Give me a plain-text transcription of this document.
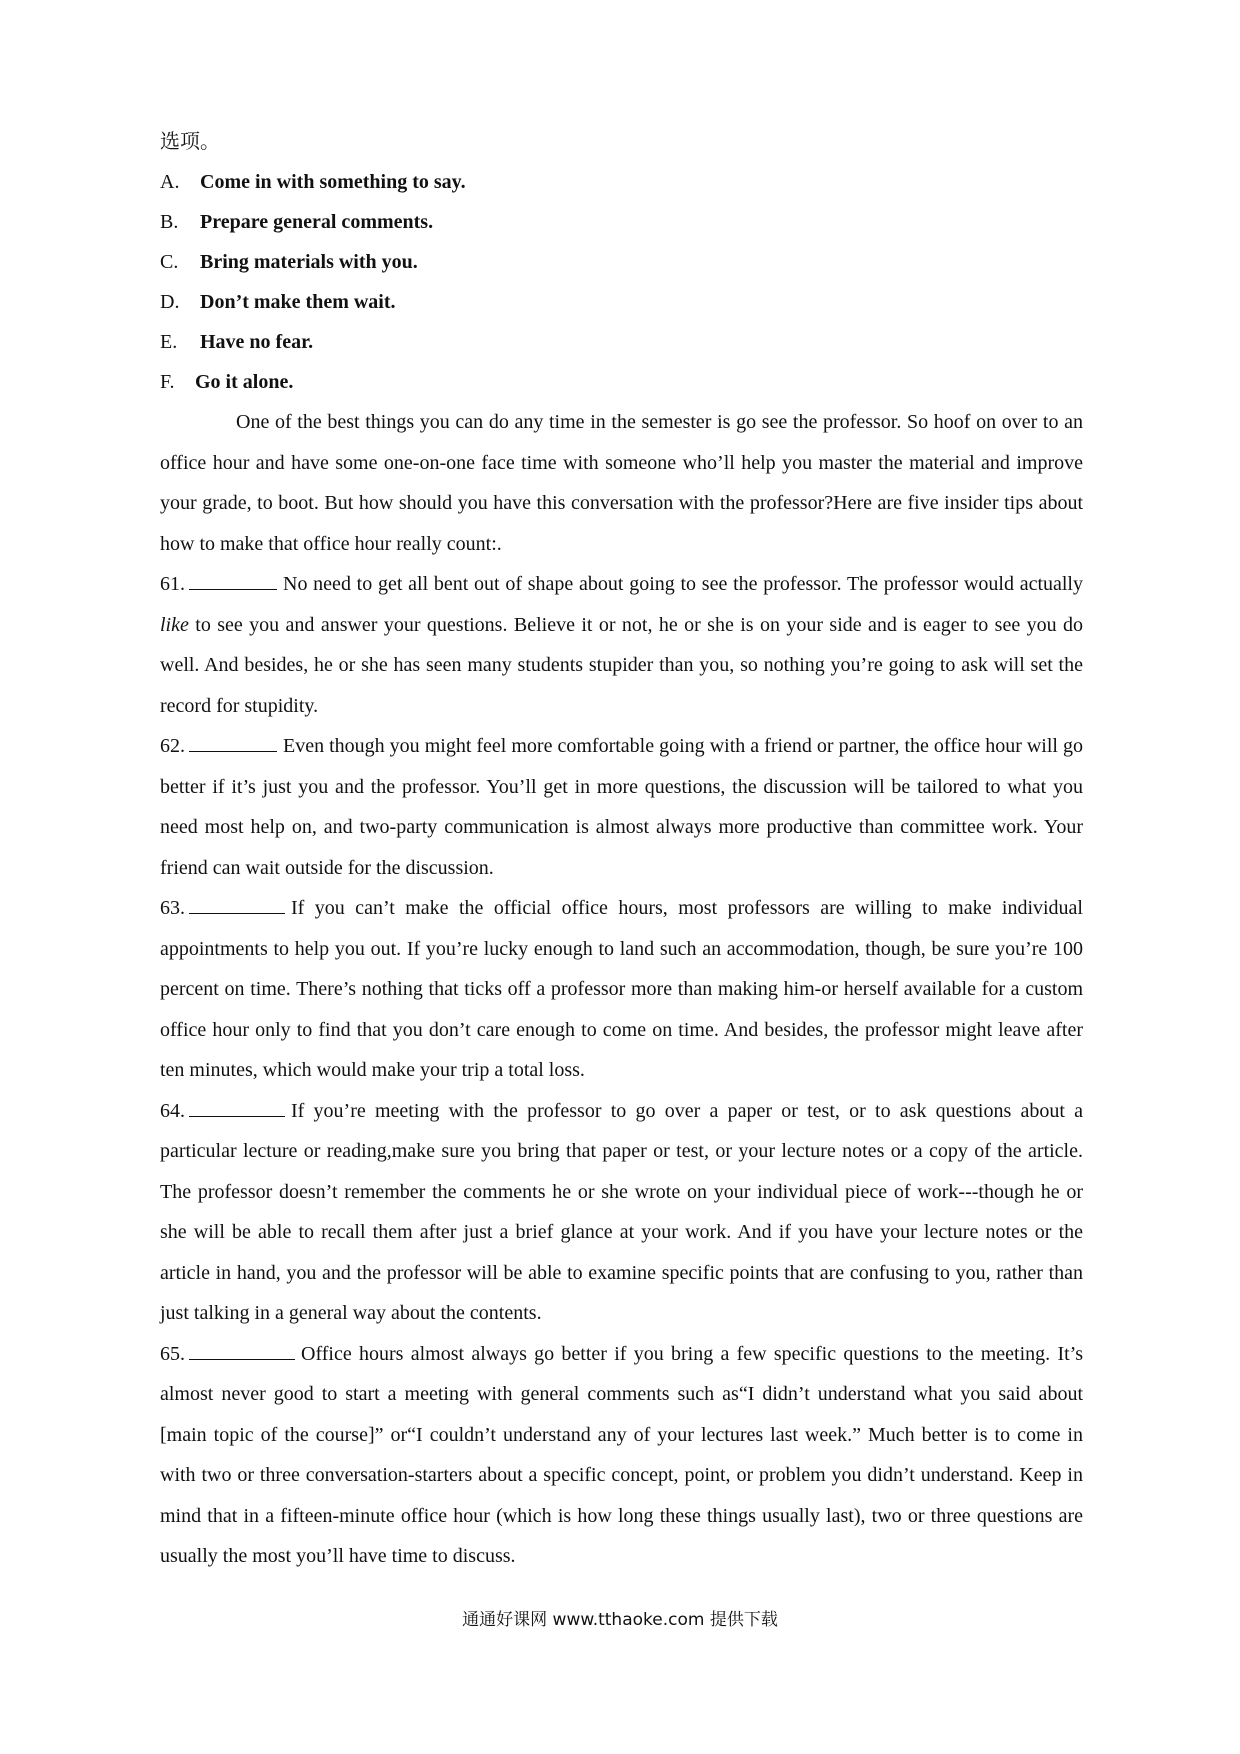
选项。

A. Come in with something to say.

B. Prepare general comments.

C. Bring materials with you.

D. Don’t make them wait.

E. Have no fear.

F. Go it alone.

One of the best things you can do any time in the semester is go see the professor. So hoof on over to an office hour and have some one-on-one face time with someone who’ll help you master the material and improve your grade, to boot. But how should you have this conversation with the professor?Here are five insider tips about how to make that office hour really count:.

61.	No need to get all bent out of shape about going to see the professor. The professor would actually like to see you and answer your questions. Believe it or not, he or she is on your side and is eager to see you do well. And besides, he or she has seen many students stupider than you, so nothing you’re going to ask will set the record for stupidity.

62.	Even though you might feel more comfortable going with a friend or partner, the office hour will go better if it’s just you and the professor. You’ll get in more questions, the discussion will be tailored to what you need most help on, and two-party communication is almost always more productive than committee work. Your friend can wait outside for the discussion.

63.	If you can’t make the official office hours, most professors are willing to make individual appointments to help you out. If you’re lucky enough to land such an accommodation, though, be sure you’re 100 percent on time. There’s nothing that ticks off a professor more than making him-or herself available for a custom office hour only to find that you don’t care enough to come on time. And besides, the professor might leave after ten minutes, which would make your trip a total loss.

64.	If you’re meeting with the professor to go over a paper or test, or to ask questions about a particular lecture or reading,make sure you bring that paper or test, or your lecture notes or a copy of the article. The professor doesn’t remember the comments he or she wrote on your individual piece of work---though he or she will be able to recall them after just a brief glance at your work. And if you have your lecture notes or the article in hand, you and the professor will be able to examine specific points that are confusing to you, rather than just talking in a general way about the contents.

65.	Office hours almost always go better if you bring a few specific questions to the meeting. It’s almost never good to start a meeting with general comments such as“I didn’t understand what you said about [main topic of the course]” or“I couldn’t understand any of your lectures last week.” Much better is to come in with two or three conversation-starters about a specific concept, point, or problem you didn’t understand. Keep in mind that in a fifteen-minute office hour (which is how long these things usually last), two or three questions are usually the most you’ll have time to discuss.

通通好课网 www.tthaoke.com 提供下载
